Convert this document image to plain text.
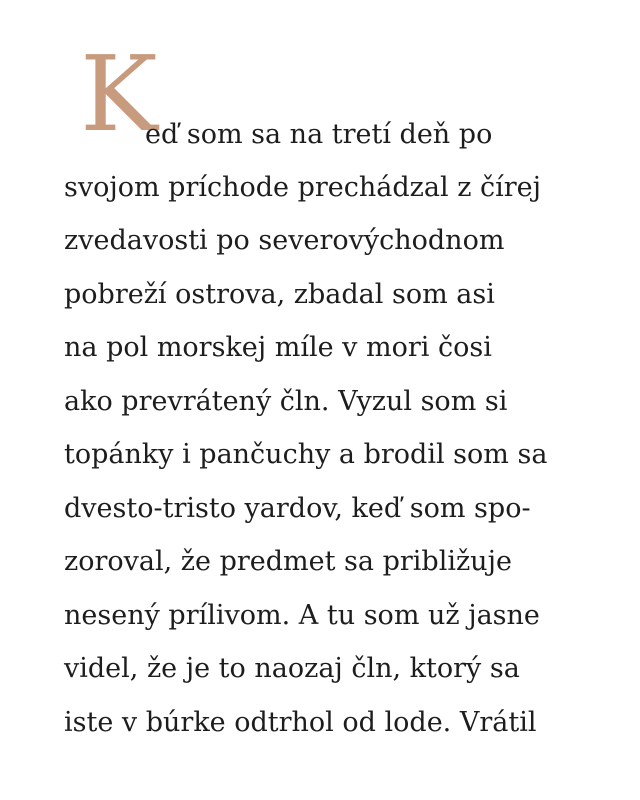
K
eď som sa na tretí deň po
svojom príchode prechádzal z čírej
zvedavosti po severovýchodnom
pobreží ostrova, zbadal som asi
na pol morskej míle v mori čosi
ako prevrátený čln. Vyzul som si
topánky i pančuchy a brodil som sa
dvesto-tristo yardov, keď som spo-
zoroval, že predmet sa približuje
nesený prílivom. A tu som už jasne
videl, že je to naozaj čln, ktorý sa
iste v búrke odtrhol od lode. Vrátil
